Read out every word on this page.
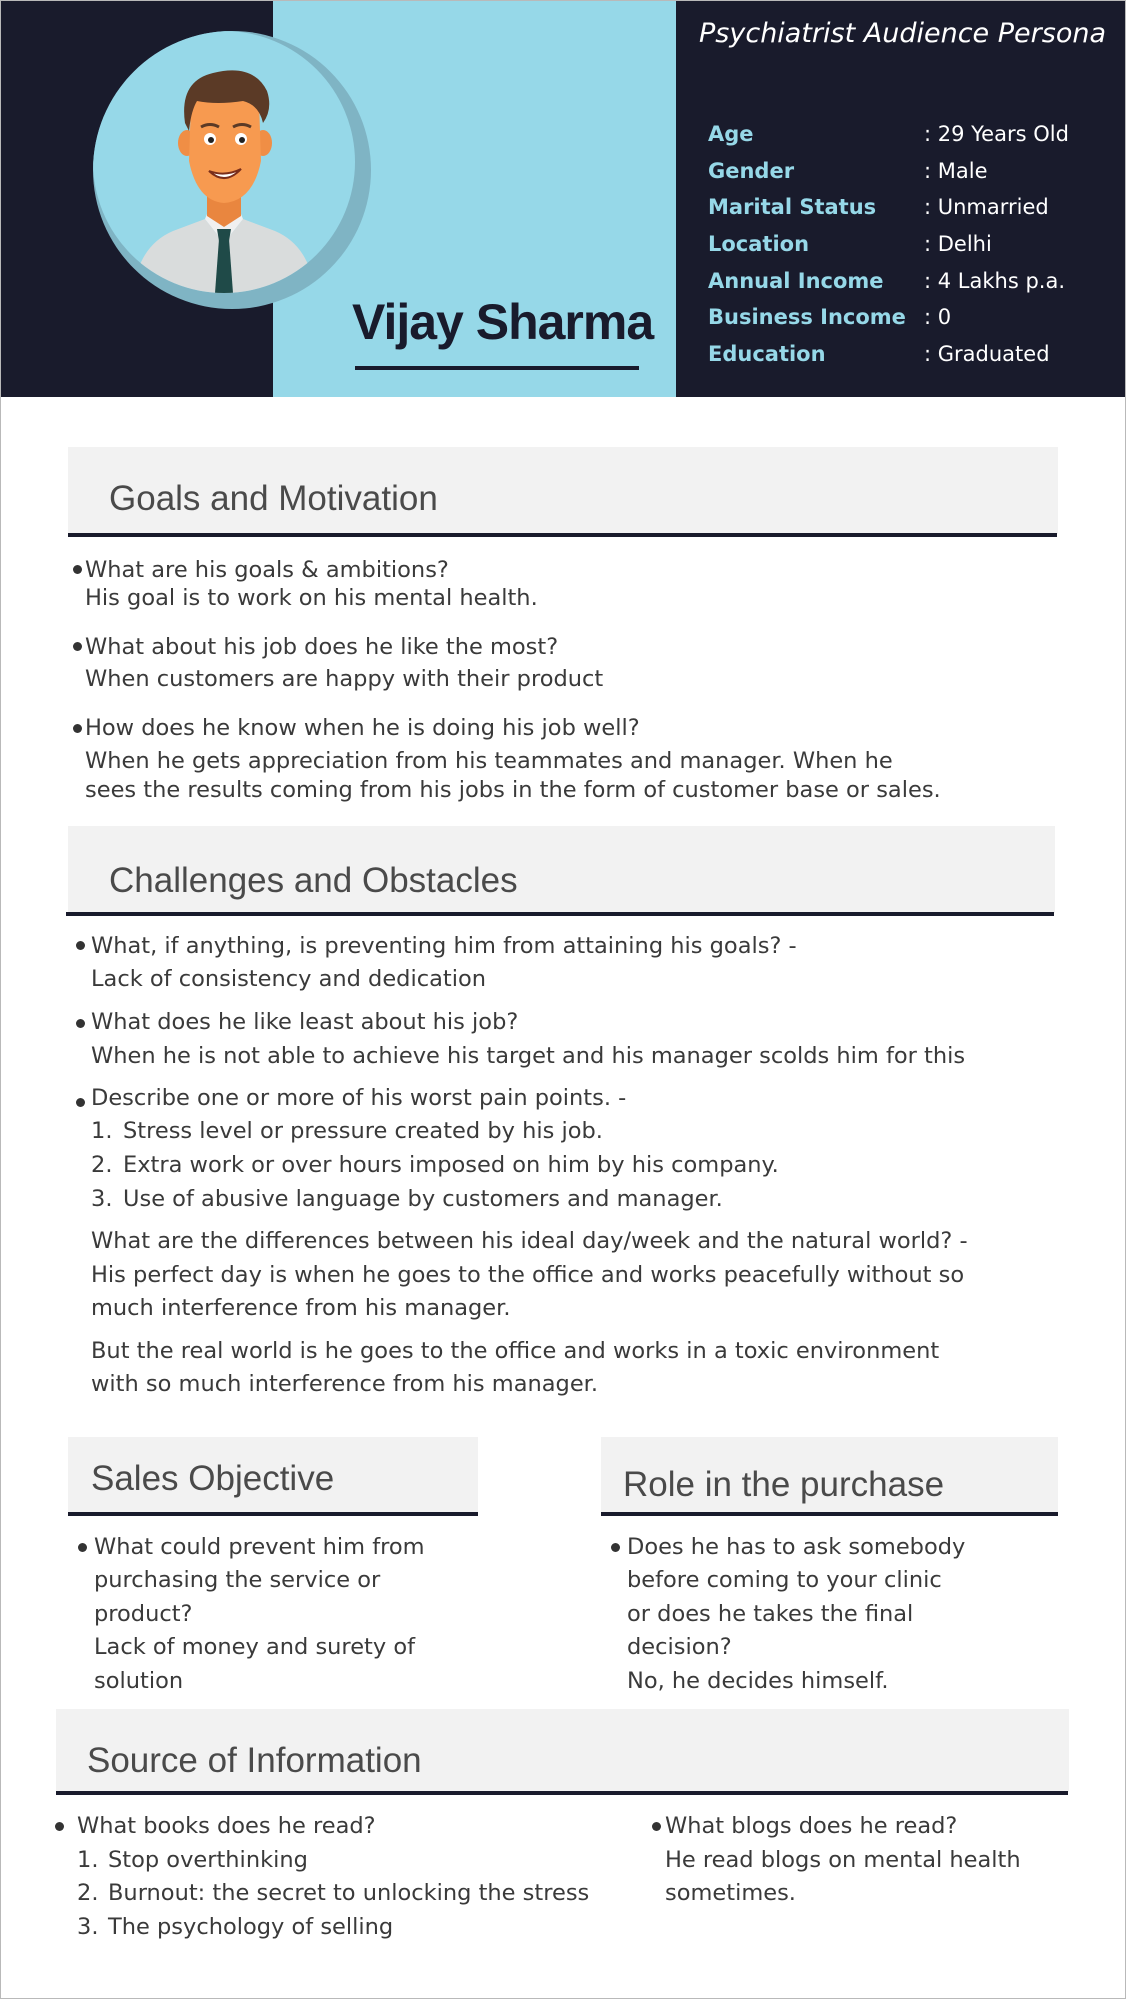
Vijay Sharma
Psychiatrist Audience Persona
Age	: 29 Years Old
Gender	: Male
Marital Status : Unmarried
Location	: Delhi
Annual Income : 4 Lakhs p.a.
Business Income : 0
Education	: Graduated
Goals and Motivation
What are his goals & ambitions?
His goal is to work on his mental health.
What about his job does he like the most?
When customers are happy with their product
How does he know when he is doing his job well?
When he gets appreciation from his teammates and manager. When he
sees the results coming from his jobs in the form of customer base or sales.
Challenges and Obstacles
What, if anything, is preventing him from attaining his goals? -
Lack of consistency and dedication
What does he like least about his job?
When he is not able to achieve his target and his manager scolds him for this
Describe one or more of his worst pain points. -
1. Stress level or pressure created by his job.
2. Extra work or over hours imposed on him by his company.
3. Use of abusive language by customers and manager.
What are the differences between his ideal day/week and the natural world? -
His perfect day is when he goes to the office and works peacefully without so
much interference from his manager.
But the real world is he goes to the office and works in a toxic environment
with so much interference from his manager.
Sales Objective
What could prevent him from
purchasing the service or
product?
Lack of money and surety of
solution
Role in the purchase
Does he has to ask somebody
before coming to your clinic
or does he takes the final
decision?
No, he decides himself.
Source of Information
What books does he read?
1. Stop overthinking
2. Burnout: the secret to unlocking the stress
3. The psychology of selling
What blogs does he read?
He read blogs on mental health
sometimes.
